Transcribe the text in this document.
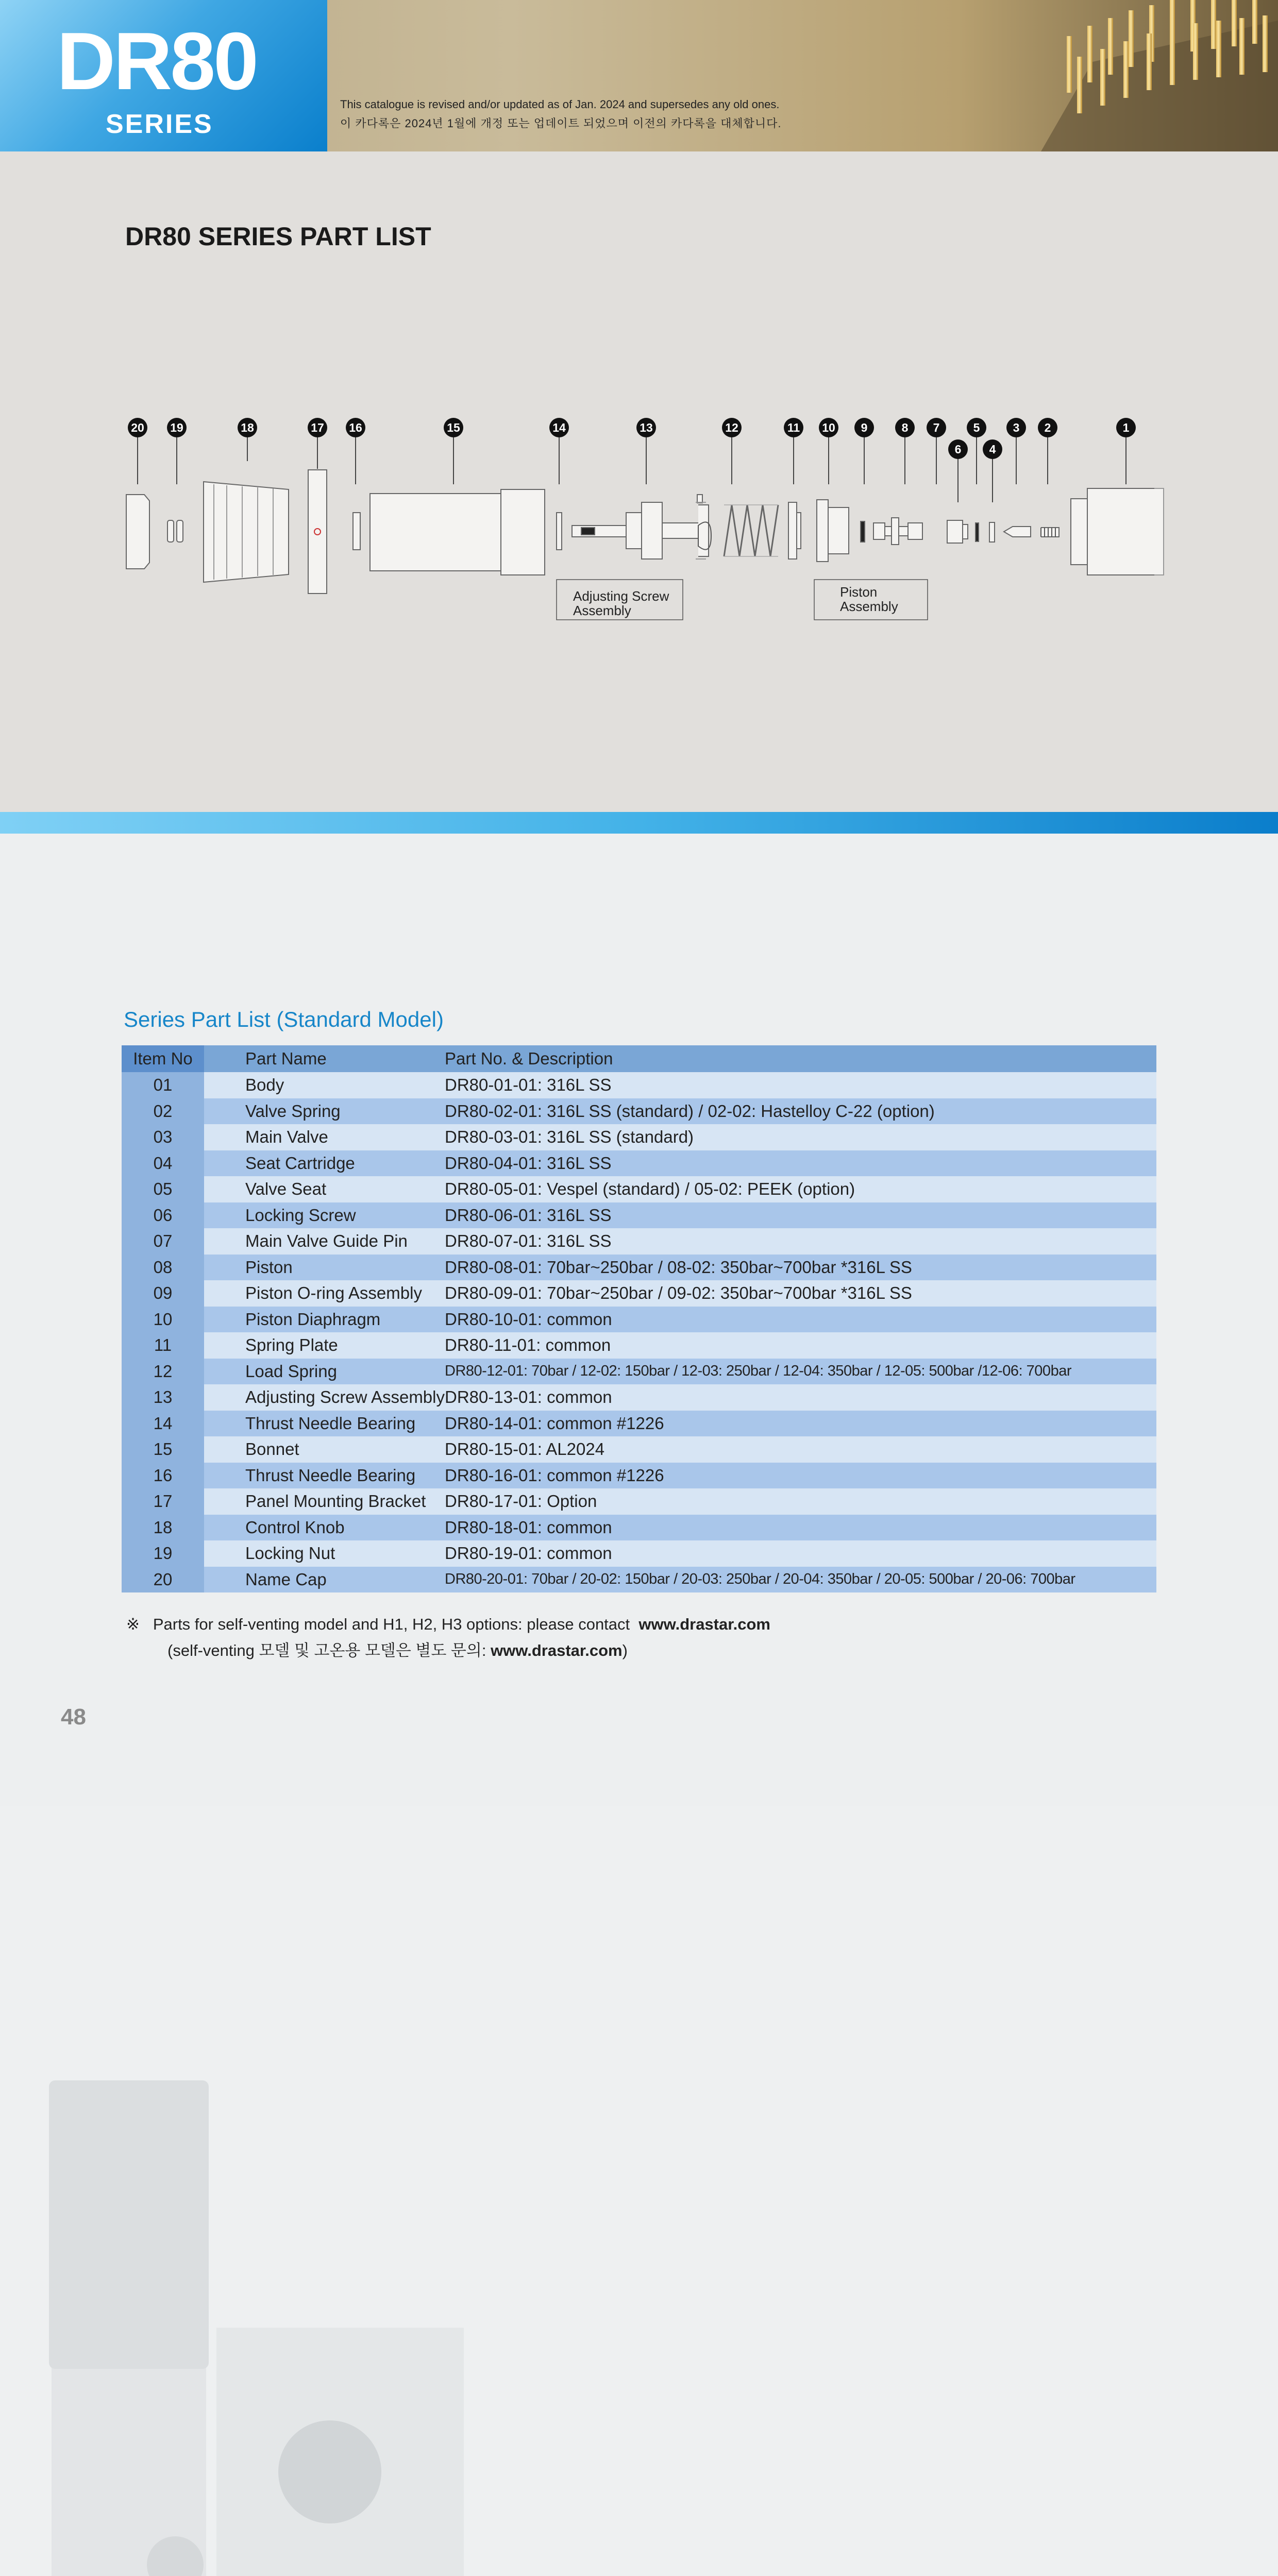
DR80
SERIES
This catalogue is revised and/or updated as of Jan. 2024 and supersedes any old ones.
이 카다록은 2024년 1월에 개정 또는 업데이트 되었으며 이전의 카다록을 대체합니다.
DR80 SERIES PART LIST
20 19	18	17 16	15	14	13	12	11 10 9	8 7
6
5
4
3 2	1
Adjusting Screw
Assembly
Piston
Assembly
Series Part List (Standard Model)
Item No	Part Name	Part No. & Description
01	Body	DR80-01-01: 316L SS
02	Valve Spring	DR80-02-01: 316L SS (standard) / 02-02: Hastelloy C-22 (option)
03	Main Valve	DR80-03-01: 316L SS (standard)
04	Seat Cartridge	DR80-04-01: 316L SS
05	Valve Seat	DR80-05-01: Vespel (standard) / 05-02: PEEK (option)
06	Locking Screw	DR80-06-01: 316L SS
07	Main Valve Guide Pin	DR80-07-01: 316L SS
08	Piston	DR80-08-01: 70bar~250bar / 08-02: 350bar~700bar *316L SS
09	Piston O-ring Assembly	DR80-09-01: 70bar~250bar / 09-02: 350bar~700bar *316L SS
10	Piston Diaphragm	DR80-10-01: common
11	Spring Plate	DR80-11-01: common
12	Load Spring	DR80-12-01: 70bar / 12-02: 150bar / 12-03: 250bar / 12-04: 350bar / 12-05: 500bar /12-06: 700bar
13	Adjusting Screw Assembly	DR80-13-01: common
14	Thrust Needle Bearing	DR80-14-01: common #1226
15	Bonnet	DR80-15-01: AL2024
16	Thrust Needle Bearing	DR80-16-01: common #1226
17	Panel Mounting Bracket	DR80-17-01: Option
18	Control Knob	DR80-18-01: common
19	Locking Nut	DR80-19-01: common
20	Name Cap	DR80-20-01: 70bar / 20-02: 150bar / 20-03: 250bar / 20-04: 350bar / 20-05: 500bar / 20-06: 700bar
※ Parts for self-venting model and H1, H2, H3 options: please contact www.drastar.com
(self-venting 모델 및 고온용 모델은 별도 문의: www.drastar.com)
48
